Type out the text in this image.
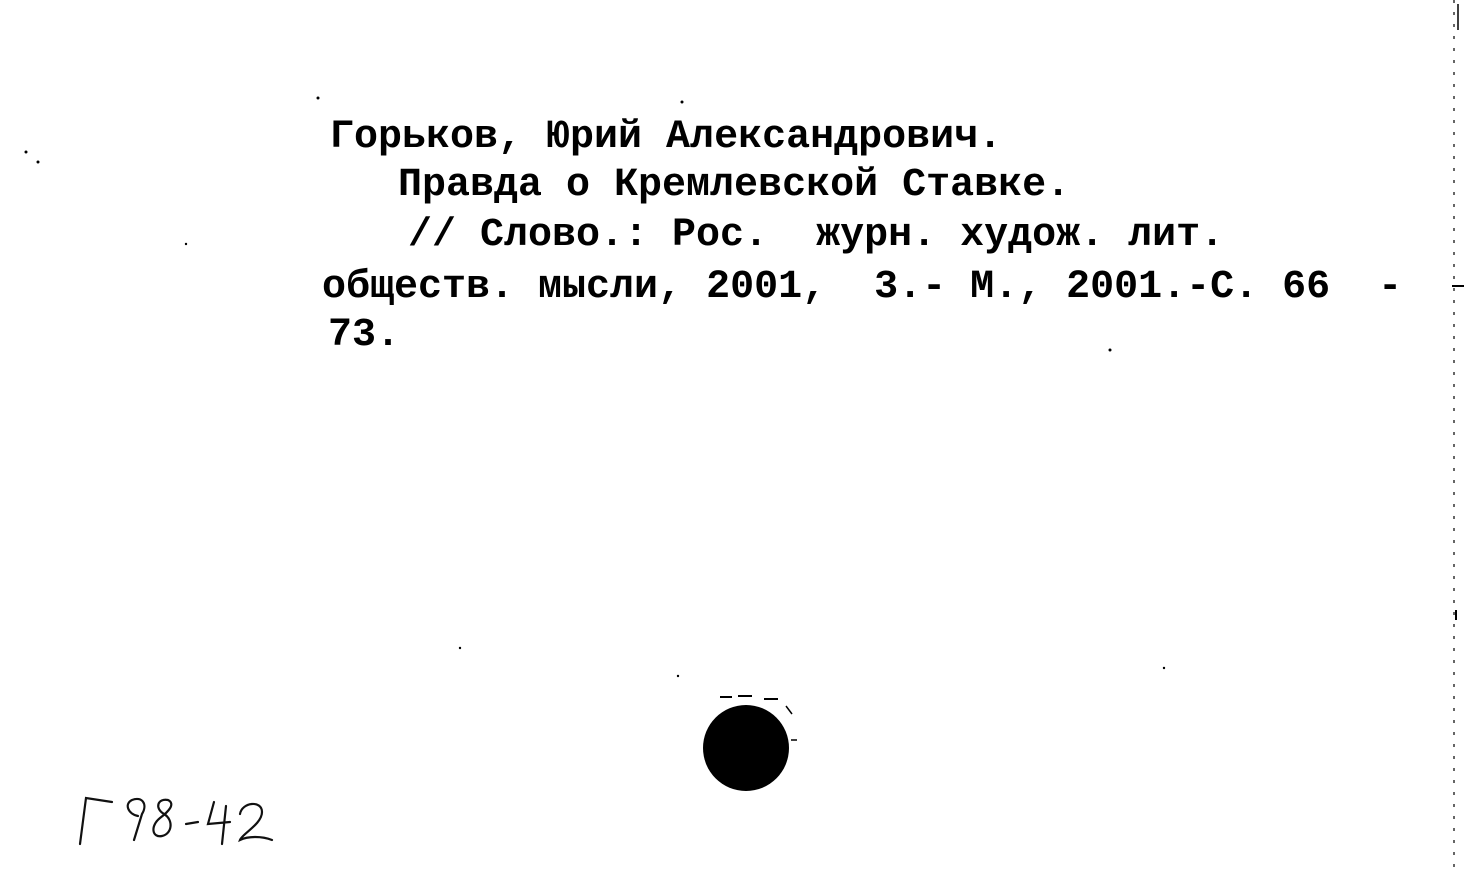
Горьков, Юрий Александрович.
Правда о Кремлевской Ставке.
// Слово.: Рос.  журн. худож. лит.
обществ. мысли, 2001,  3.- М., 2001.-С. 66  -
73.
Г98-42
